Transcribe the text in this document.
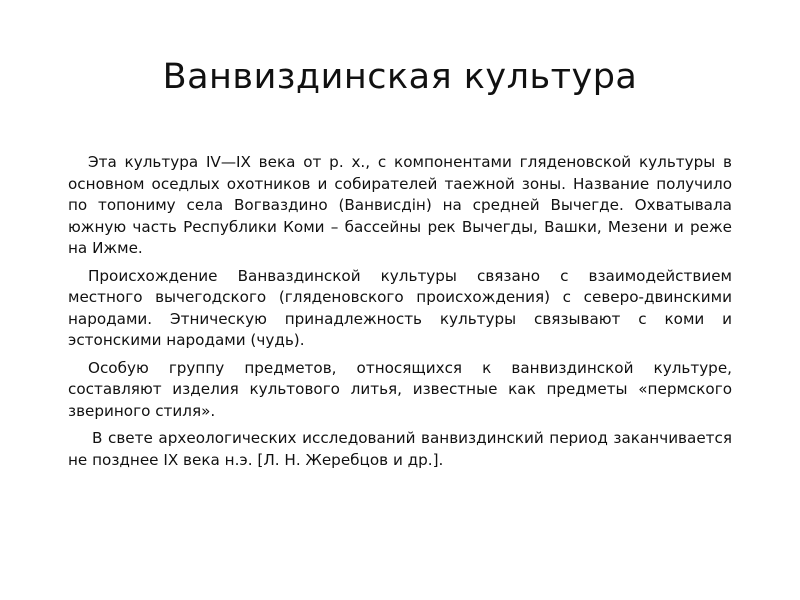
Ванвиздинская культура

Эта культура IV—IX века от р. х., с компонентами гляденовской культуры в основном оседлых охотников и собирателей таежной зоны. Название получило по топониму села Вогваздино (Ванвисдiн) на средней Вычегде. Охватывала южную часть Республики Коми – бассейны рек Вычегды, Вашки, Мезени и реже на Ижме.

Происхождение Ванваздинской культуры связано с взаимодействием местного вычегодского (гляденовского происхождения) с северо-двинскими народами. Этническую принадлежность культуры связывают с коми и эстонскими народами (чудь).

Особую группу предметов, относящихся к ванвиздинской культуре, составляют изделия культового литья, известные как предметы «пермского звериного стиля».

В свете археологических исследований ванвиздинский период заканчивается не позднее IX века н.э. [Л. Н. Жеребцов и др.].
